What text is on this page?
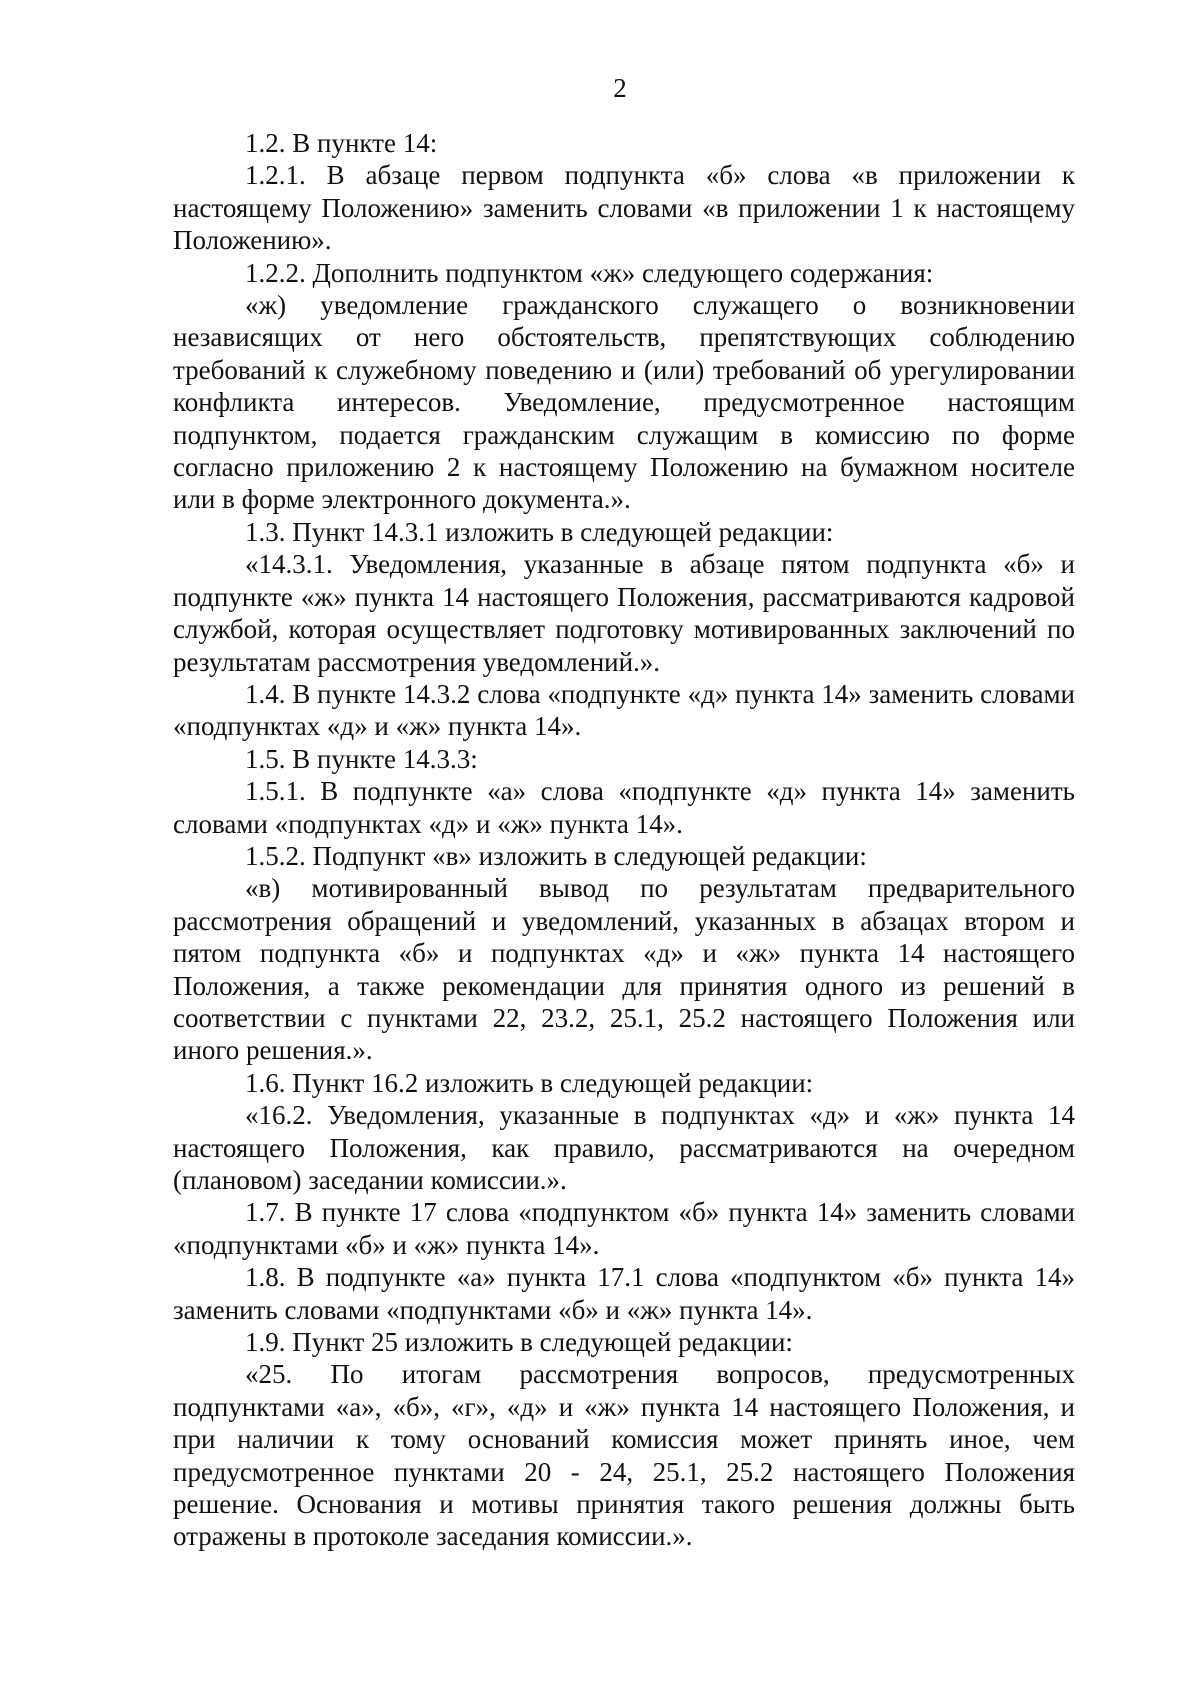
2

1.2. В пункте 14:

1.2.1. В абзаце первом подпункта «б» слова «в приложении к настоящему Положению» заменить словами «в приложении 1 к настоящему Положению».

1.2.2. Дополнить подпунктом «ж» следующего содержания:

«ж) уведомление гражданского служащего о возникновении независящих от него обстоятельств, препятствующих соблюдению требований к служебному поведению и (или) требований об урегулировании конфликта интересов. Уведомление, предусмотренное настоящим подпунктом, подается гражданским служащим в комиссию по форме согласно приложению 2 к настоящему Положению на бумажном носителе или в форме электронного документа.».

1.3. Пункт 14.3.1 изложить в следующей редакции:

«14.3.1. Уведомления, указанные в абзаце пятом подпункта «б» и подпункте «ж» пункта 14 настоящего Положения, рассматриваются кадровой службой, которая осуществляет подготовку мотивированных заключений по результатам рассмотрения уведомлений.».

1.4. В пункте 14.3.2 слова «подпункте «д» пункта 14» заменить словами «подпунктах «д» и «ж» пункта 14».

1.5. В пункте 14.3.3:

1.5.1. В подпункте «а» слова «подпункте «д» пункта 14» заменить словами «подпунктах «д» и «ж» пункта 14».

1.5.2. Подпункт «в» изложить в следующей редакции:

«в) мотивированный вывод по результатам предварительного рассмотрения обращений и уведомлений, указанных в абзацах втором и пятом подпункта «б» и подпунктах «д» и «ж» пункта 14 настоящего Положения, а также рекомендации для принятия одного из решений в соответствии с пунктами 22, 23.2, 25.1, 25.2 настоящего Положения или иного решения.».

1.6. Пункт 16.2 изложить в следующей редакции:

«16.2. Уведомления, указанные в подпунктах «д» и «ж» пункта 14 настоящего Положения, как правило, рассматриваются на очередном (плановом) заседании комиссии.».

1.7. В пункте 17 слова «подпунктом «б» пункта 14» заменить словами «подпунктами «б» и «ж» пункта 14».

1.8. В подпункте «а» пункта 17.1 слова «подпунктом «б» пункта 14» заменить словами «подпунктами «б» и «ж» пункта 14».

1.9. Пункт 25 изложить в следующей редакции:

«25. По итогам рассмотрения вопросов, предусмотренных подпунктами «а», «б», «г», «д» и «ж» пункта 14 настоящего Положения, и при наличии к тому оснований комиссия может принять иное, чем предусмотренное пунктами 20 - 24, 25.1, 25.2 настоящего Положения решение. Основания и мотивы принятия такого решения должны быть отражены в протоколе заседания комиссии.».
